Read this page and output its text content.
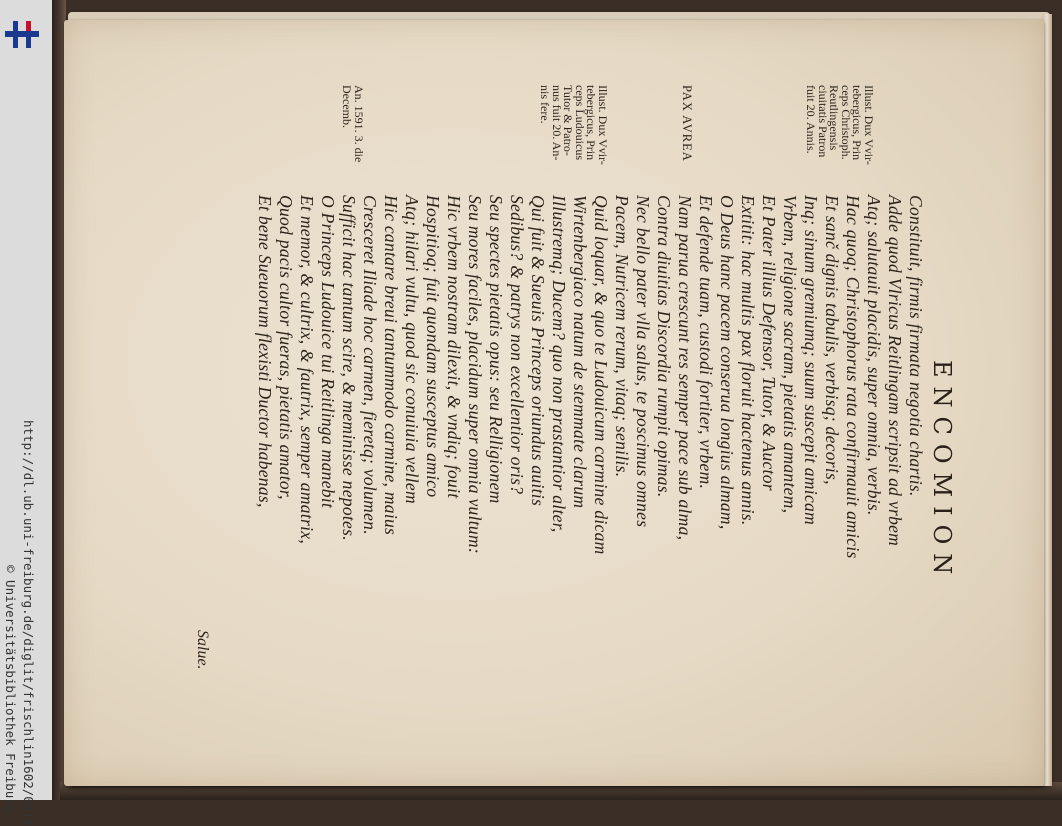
http://dl.ub.uni-freiburg.de/diglit/frischlin1602/0014
© Universitätsbibliothek Freiburg
ENCOMION
Constituit, firmis firmata negotia chartis.
Adde quod Vlricus Reitlingam scripsit ad vrbem
Atq; salutauit placidis, super omnia, verbis.
Hac quoq; Christophorus rata confirmauit amicis
Et sanč dignis tabulis, verbisq; decoris,
Inq; sinum gremiumq; suum suscepit amicam
Vrbem, religione sacram, pietatis amantem,
Et Pater illius Defensor, Tutor, & Auctor
Extitit: hac multis pax floruit hactenus annis.
O Deus hanc pacem conserua longius almam,
Et defende tuam, custodi fortiter, vrbem.
Nam parua crescunt res semper pace sub alma,
Contra diuitias Discordia rumpit opimas.
Nec bello pater vlla salus, te poscimus omnes
Pacem, Nutricem rerum, vitaq; senilis.
Quid loquar, & quo te Ludouicum carmine dicam
Wirtenbergiaco natum de stemmate clarum
Illustremq; Ducem? quo non prastantior alter,
Qui fuit & Sueuis Princeps oriundus auitis
Sedibus? & patrys non excellentior oris?
Seu spectes pietatis opus: seu Relligionem
Seu mores faciles, placidum super omnia vultum:
Hic vrbem nostram dilexit, & vndiq; fouit
Hospitioq; fuit quondam susceptus amico
Atq; hilari vultu, quod sic conuiuia vellem
Hic cantare breui tantummodo carmine, maius
Cresceret Iliade hoc carmen, fieretq; volumen.
Sufficit hac tantum scire, & meminisse nepotes.
O Princeps Ludouice tui Reitlinga manebit
Et memor, & cultrix, & fautrix, semper amatrix,
Quod pacis cultor fueras, pietatis amator,
Et bene Sueuorum flexisti Ductor habenas,
Illust. Dux Vvir-
tebergicus, Prin
ceps Christoph.
Reutlingensis
ciuitatis Patron
fuit 20. Annis.
PAX AVREA
Illust. Dux Vvir-
tebergicus, Prin
ceps Ludouicus
Tutor & Patro-
nus fuit 20. An-
nis fere.
An. 1591. 3. die
Decemb.
Salue.
